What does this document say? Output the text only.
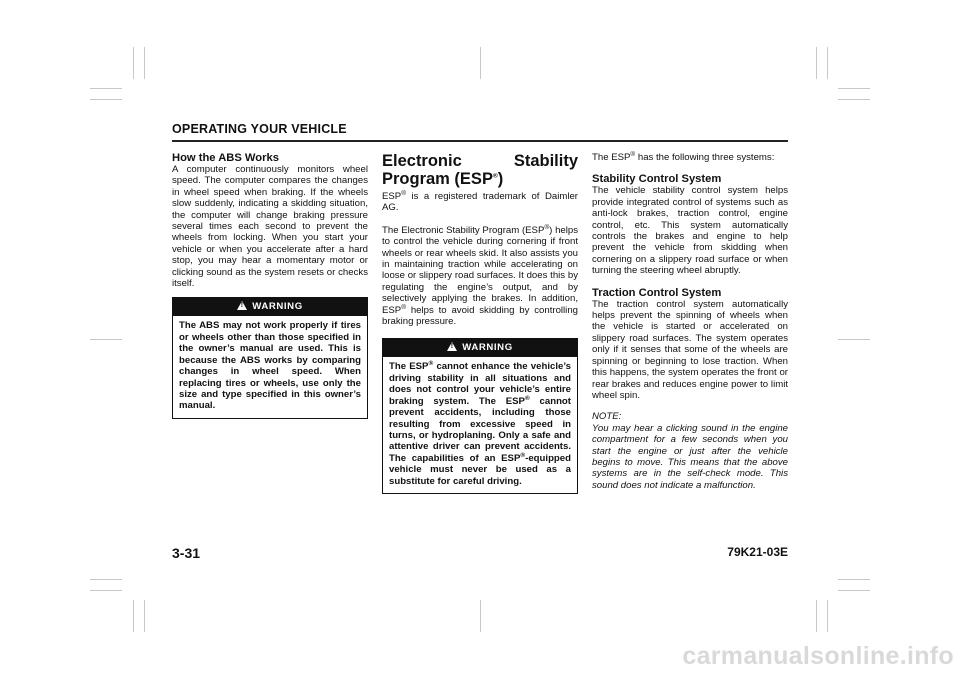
OPERATING YOUR VEHICLE

How the ABS Works

A computer continuously monitors wheel speed. The computer compares the changes in wheel speed when braking. If the wheels slow suddenly, indicating a skidding situation, the computer will change braking pressure several times each second to prevent the wheels from locking. When you start your vehicle or when you accelerate after a hard stop, you may hear a momentary motor or clicking sound as the system resets or checks itself.

!WARNING
The ABS may not work properly if tires or wheels other than those specified in the owner’s manual are used. This is because the ABS works by comparing changes in wheel speed. When replacing tires or wheels, use only the size and type specified in this owner’s manual.

Electronic Stability Program (ESP®)

ESP® is a registered trademark of Daimler AG.

The Electronic Stability Program (ESP®) helps to control the vehicle during cornering if front wheels or rear wheels skid. It also assists you in maintaining traction while accelerating on loose or slippery road surfaces. It does this by regulating the engine’s output, and by selectively applying the brakes. In addition, ESP® helps to avoid skidding by controlling braking pressure.

!WARNING
The ESP® cannot enhance the vehicle’s driving stability in all situations and does not control your vehicle’s entire braking system. The ESP® cannot prevent accidents, including those resulting from excessive speed in turns, or hydroplaning. Only a safe and attentive driver can prevent accidents. The capabilities of an ESP®-equipped vehicle must never be used as a substitute for careful driving.

The ESP® has the following three systems:

Stability Control System

The vehicle stability control system helps provide integrated control of systems such as anti-lock brakes, traction control, engine control, etc. This system automatically controls the brakes and engine to help prevent the vehicle from skidding when cornering on a slippery road surface or when turning the steering wheel abruptly.

Traction Control System

The traction control system automatically helps prevent the spinning of wheels when the vehicle is started or accelerated on slippery road surfaces. The system operates only if it senses that some of the wheels are spinning or beginning to lose traction. When this happens, the system operates the front or rear brakes and reduces engine power to limit wheel spin.

NOTE:

You may hear a clicking sound in the engine compartment for a few seconds when you start the engine or just after the vehicle begins to move. This means that the above systems are in the self-check mode. This sound does not indicate a malfunction.

3-31	79K21-03E
carmanualsonline.info
